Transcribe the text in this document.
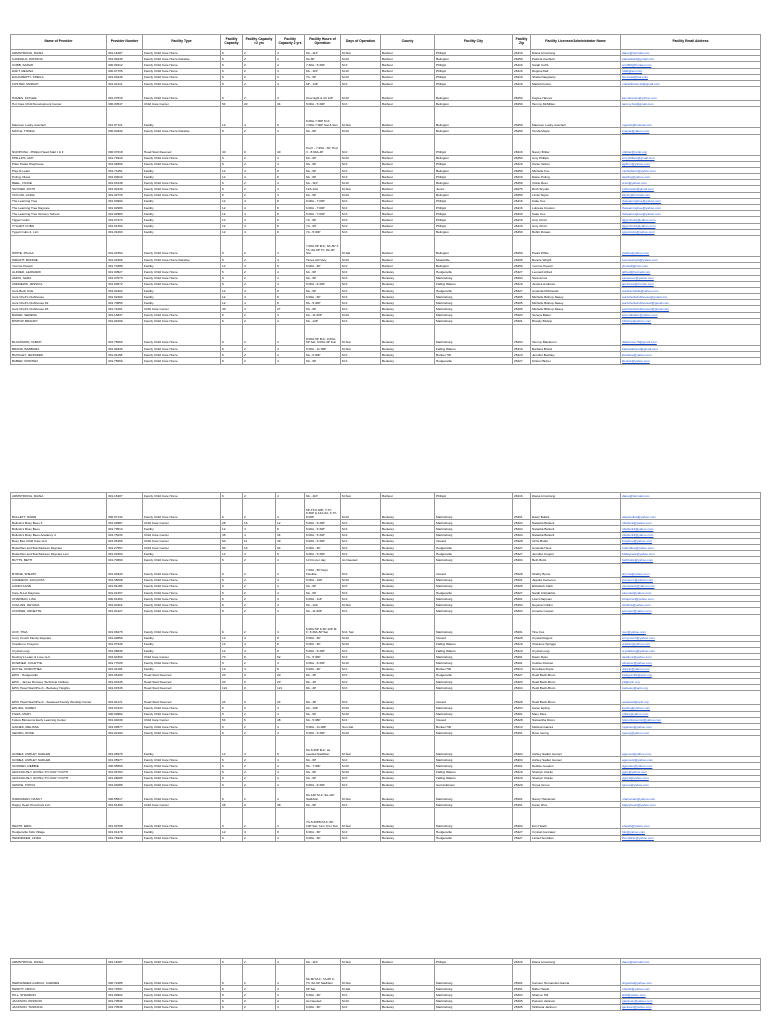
Name of Provider	Provider Number	Facility Type	Facility Capacity	Facility Capacity <2 yrs	Facility Capacity 2 yrs	Facility Hours of Operation	Days of Operation	County	Facility City	Facility Zip	Facility Licensee/Administrator Name	Facility Email Address
ARMSTRONG, DIANA	301.18187	Family Child Care Home	6	2	4	6A - 11P	M-Sun	Barbour	Philippi	26416	Diana Armstrong	diane@hotmail.com
CANFIELD, PATRICIA	301.09445	Family Child Care Home Relative	6	2	4	6A-6P	M-Fri	Barbour	Belington	26250	Patricia Canfield	patcanfield@gmail.com
COBB, SARAH	300.09412	Family Child Care Home	6	2	4	7:30A - 5:30P	M-F	Barbour	Philippi	26416	Sarah Cobb	sc1996@frontier.com
DAFT, REGINA	300.07705	Family Child Care Home	6	2	4	6A - 11P	M-Fri	Barbour	Philippi	26416	Regina Daft	rdaft@aol.com
DAUGHERTY, SHEILA	301.03246	Family Child Care Home	6	2	4	7A - 6P	M-Fri	Barbour	Philippi	26416	Sheila Daugherty	fan.head@aol.com
FOSTER, MARIAH	301.01211	Family Child Care Home	6	2	4	6P - 12P	M-F	Barbour	Philippi	26416	Mariah Foster	mariahfoster14@gmail.com
HAMES, KAYLEE	301.07516	Family Child Care Home	6	2	4	Overnight & 24 12P	M-Fri	Barbour	Belington	26250	Kaylee Hames	kaymhames@yahoo.com
Hot Care Child Development Center	300.00547	Child Care Center	54	20	34	6:00A - 5:30P	M-F	Barbour	Belington	26250	Tammy McMillen	tammy.hot@gmail.com
Maureen Lusky-Getchell	301.07721	Facility	12	4	8	6:00A-7:00P M-F; 7:00A-7:00P Sat & Sun	M-Sun	Barbour	Belington	26250	Maureen Lusky-Getchell	mgetch@hotmail.com
MAYLE, TONDA	300.00232	Family Child Care Home Relative	6	2	4	6A - 8P	M-Fri	Barbour	Belington	26250	Tonda Mayle	tmayle@yahoo.com
NCDP/USA - Philippi Head Start I & II	300.07018	Head Start Deemed	40	0	40	Pod I - 7:45A - 3P; Pod II - 8:00A-4P	M-F	Barbour	Philippi	26416	Nancy Britler	nbritler@ncdp.org
PHILLIPS, AMY	301.74519	Family Child Care Home	6	2	4	6A - 6P	M-Fri	Barbour	Belington	26250	Amy Phillips	amyphillips@gmail.com
Pitter Patter Playhouse	301.08390	Family Child Care Home	6	2	4	6A - 6P	M-F	Barbour	Philippi	26416	Karen Gillum	kgillum@yahoo.com
Play-N-Learn	301.73151	Facility	12	4	8	6A - 6P	M-F	Barbour	Belington	26250	Michelle Fox	michellefox@yahoo.com
Poling, Diane	301.00016	Facility	12	4	8	6A - 6P	M-F	Barbour	Philippi	26416	Diane Poling	dpoling@yahoo.com
REEL, VICKIE	301.03138	Family Child Care Home	6	2	4	6A - 11P	M-Fri	Barbour	Belington	26250	Vickie Reel	vreel@yahoo.com
SNYDER, RUTH	301.00139	Family Child Care Home	6	2	4	12A-12A	M-Sun	Barbour	Junior	26275	Ruth Snyder	ruthsnyder@gmail.com
TAYLOR, LINDA	301.02715	Family Child Care Home	6	2	4	6A - 6P	M-Fri	Barbour	Belington	26250	Linda Taylor	ltaylor@hotmail.com
The Learning Tree	301.03990	Facility	12	4	8	6:00A - 7:00P	M-F	Barbour	Philippi	26416	Katie Cox	thelearningtree@yahoo.com
The Learning Tree Daycare	301.02989	Facility	12	4	8	6:00A - 7:00P	M-F	Barbour	Philippi	26416	Lukresa Creston	thelearningtree@yahoo.com
The Learning Tree Nursery School	301.02983	Facility	12	4	8	6:00A - 7:00P	M-F	Barbour	Philippi	26416	Katie Cox	thelearningtree@yahoo.com
Tiggert Cubs	301.07373	Facility	12	4	8	7A - 6P	M-F	Barbour	Philippi	26416	Amy Orrell	tiggertcubs@yahoo.com
TYGART CUBS	301.01393	Facility	12	4	8	7A - 6P	M-F	Barbour	Philippi	26416	Amy Orrell	tiggertcubs@yahoo.com
Tygart Cubs 2, LLC	301.01093	Facility	12	4	8	7A - 5:30P	M-F	Barbour	Belington	26250	Bobbi Rowan	tygartcubs@yahoo.com
WHITE, PAULA	301.01554	Family Child Care Home	6	2	4	7:00A-5P M-F; 8A-5P T-Th; 8A-6P Th; 8A-3P Sat	M-Sat	Barbour	Belington	26250	Paula White	pwhite@yahoo.com
WRIGHT, BONNIE	301.02266	Family Child Care Home Relative	6	2	4	Times will Vary	M-Fri	Barbour	Moatsville	26405	Bonnie Wright	bonniewright@yahoo.com
Yvonne Howell	301.73388	Facility	12	4	8	6:00A - 6P	M-F	Barbour	Belington	26250	Yvonne Howell	yhowell@msn.com
ALFRED, LEONARD	301.00527	Family Child Care Home	6	2	4	6A - 6P	M-F	Berkeley	Hedgesville	25427	Leonard Alfred	lalfred@hotmail.com
AMOS, SARA	301.07673	Family Child Care Home	6	2	4	6A - 6P	M-F	Berkeley	Martinsburg	25404	Sara Amos	saraamos@yahoo.com
ANDREWS, JESSICA	301.00672	Family Child Care Home	6	2	4	6:00A - 6:30P	M-F	Berkeley	Falling Waters	25419	Jessica Andrews	jandrews@frontier.com
Aunt Bech Kids	301.02402	Facility	12	4	8	6A - 6P	M-F	Berkeley	Hedgesville	25427	Amanda McDonald	auntbechkids@yahoo.com
Aunt Chell's Clubhouse	301.02493	Facility	12	4	8	6:00A - 6P	M-F	Berkeley	Martinsburg	25405	Michelle Bishop-Nasey	auntchellsclubhouse@gmail.com
Aunt Chell's Clubhouse #2	301.70855	Facility	12	4	8	6A - 5:30P	M-F	Berkeley	Martinsburg	25405	Michelle Bishop-Nasey	auntchellsclubhouse2@gmail.com
Aunt Chell's Clubhouse #3	301.74401	Child Care Center	30	3	27	6A - 6P	M-F	Berkeley	Martinsburg	25405	Michelle Bishop-Nasey	auntchellsclubhouse3@gmail.com
BAKER, SERENA	301.16837	Family Child Care Home	6	2	4	6A - 11:30P	M-Fri	Berkeley	Martinsburg	25404	Serena Baker	serenabaker@yahoo.com
BISHOP, BRANDY	301.09199	Family Child Care Home	6	2	4	6A - 12P	M-F	Berkeley	Martinsburg	25401	Brandy Bishop	bbishop@yahoo.com
BLACKMON, TAMMY	301.75660	Family Child Care Home	6	2	4	8:00A-5P M-F; 9:00A-5P Sat; 9:00A-3P Sun	M-Sun	Berkeley	Martinsburg	25404	Tammy Blackmon	tblackmon76@gmail.com
BRAND, BARBARA	301.99436	Family Child Care Home	6	2	4	6:00A - 11:30P	M-Sun	Berkeley	Falling Waters	25419	Barbara Brand	barbarabrand@gmail.com
BUCKLEY, JENNIFER	301.01158	Family Child Care Home	6	2	4	6A - 6:00P	M-F	Berkeley	Bunker Hill	25413	Jennifer Buckley	jbuckley@yahoo.com
BUBER, KRISTEN	301.75660	Family Child Care Home	6	2	4	6A - 6P	M-F	Berkeley	Hedgesville	25427	Kristen Buber	kbuber@yahoo.com
ARMSTRONG, DIANA	301.18187	Family Child Care Home	6	2	4	6A - 11P	M-Sun	Barbour	Philippi	26416	Diana Armstrong	diane@hotmail.com
BULLETT, DAWN	300.07132	Family Child Care Home	6	2	4	6P-T6 6:30P; T-Th 5:30P & 12A-6A; F-Th 8:00P	M-Fri	Berkeley	Martinsburg	25401	Dawn Bullett	dawnbullett@yahoo.com
Bullock's Busy Bees 3	301.09987	Child Care Center	28	16	12	6:00A - 5:30P	M-F	Berkeley	Martinsburg	25404	Natasha Bullock	nbullock@yahoo.com
Bullock's Busy Bees	301.79513	Facility	12	4	8	6:00A - 5:30P	M-F	Berkeley	Martinsburg	25404	Natasha Bullock	nbullock2@yahoo.com
Bullock's Busy Bees Academy 2	301.75233	Child Care Center	38	4	34	6:00A - 5:30P	M-F	Berkeley	Martinsburg	25404	Natasha Bullock	nbullock3@yahoo.com
Busy Bee Child Care LLC	301.05156	Child Care Center	60	11	49	6:00A - 6:30P	M-F	Berkeley	Inwood	25428	Chris Butler	busybee@yahoo.com
Butterflies and Bumblebees Daycare	301.27557	Child Care Center	80	16	64	6:00A - 6P	M-F	Berkeley	Hedgesville	25427	Amanda Hess	butterflies@yahoo.com
Butterflies and Bumblebees Daycare LLC	301.01593	Facility	12	4	8	6:00A - 5:30P	M-F	Berkeley	Hedgesville	25427	Jennifer Cooper	bbdaycare@yahoo.com
BUTTS, BETH	301.70660	Family Child Care Home	6	2	4	10 hrs per day	As Needed	Berkeley	Martinsburg	25404	Beth Butts	bethbutts@yahoo.com
BYRNE, SHELBY	301.04930	Family Child Care Home	6	2	4	7:00A - 5P Dept Flexible	M-F	Berkeley	Inwood	25428	Shelby Byrne	sbyrne@yahoo.com
CAMERON, JACQUITA	301.35098	Family Child Care Home	6	2	4	6:00A - 10P	M-Fri	Berkeley	Martinsburg	25401	Jaquita Cameron	jcameron@yahoo.com
CANDYLAND	301.81169	Family Child Care Home	6	2	4	6A - 6P	M-F	Berkeley	Martinsburg	25405	Elizabeth Clark	candyland@yahoo.com
Care-N-Let Daycare	301.01307	Family Child Care Home	6	2	4	6A - 6P	M-F	Berkeley	Hedgesville	25427	Sarah Fitzpatrick	carenlet@yahoo.com
CHAPMAN, LISA	300.01384	Family Child Care Home	6	2	4	6:00A - 11P	M-F	Berkeley	Martinsburg	25401	Lisa Chapman	lchapman@yahoo.com
COLLINS, DEYANA	301.00119	Family Child Care Home	6	2	4	6A - 12A	M-Sun	Berkeley	Martinsburg	25404	Deyana Collins	dcollins@yahoo.com
COOPER, ANNETTE	301.04127	Family Child Care Home	6	2	4	6A - 11:30P	M-F	Berkeley	Martinsburg	25404	Annette Cooper	acooper@yahoo.com
COX, TINA	301.06276	Family Child Care Home	6	2	4	6:00A-5P & 6P-12P M-F; 6:30A-5P Sat	M-F, Sat	Berkeley	Martinsburg	25401	Tina Cox	tcox@yahoo.com
Cozy Couch Family Daycare	301.02859	Facility	12	4	8	6:00A - 6P	M-Fri	Berkeley	Inwood	25428	Crystal Rogers	cozycouch@yahoo.com
Cradles to Crayons	301.07945	Facility	12	4	8	6:00A - 6P	M-Fri	Berkeley	Falling Waters	25419	Charlene Spriggs	cradles@yahoo.com
Crystal Long	301.08636	Facility	12	4	8	6:00A - 5:30P	M-F	Berkeley	Falling Waters	25419	Crystal Long	crystallong@yahoo.com
Destiny's Learn & Love LLC	301.04393	Child Care Center	70	8	62	7A - 5:30P	M-F	Berkeley	Martinsburg	25401	Dawn Ryan	destinys@yahoo.com
DOWNER, COLETTE	301.77005	Family Child Care Home	6	2	4	6:00A - 6:30P	M-Fri	Berkeley	Martinsburg	25401	Colette Downer	cdowner@yahoo.com
DOYLE, DOROTHEA	301.01193	Facility	12	4	8	6:00A - 6P	M-F	Berkeley	Bunker Hill	25413	Dorothea Doyle	ddoyle@yahoo.com
EPIC - Hedgesville	301.05199	Head Start Deemed	20	0	20	8A - 4P	M-F	Berkeley	Hedgesville	25427	Heidi Bach-Brom	hedgesville@epic.org
EPIC - James Rumsey Technical Institute	301.00135	Head Start Deemed	20	0	20	8A - 4P	M-F	Berkeley	Martinsburg	25403	Heidi Bach-Brom	jrti@epic.org
EPIC Head Start/Pre-K - Berkeley Heights	301.01536	Head Start Deemed	121	0	121	8A - 4P	M-F	Berkeley	Martinsburg	25404	Heidi Bach-Brom	berkeley@epic.org
EPIC Head Start/Pre-K - Seaweed Family Worship Center	301.04171	Head Start Deemed	24	0	24	8A - 4P	M-F	Berkeley	Inwood	25428	Heidi Bach-Brom	seaweed@epic.org
EPLING, KAREN	301.03134	Family Child Care Home	6	2	4	6A - 10P	M-Fri	Berkeley	Martinsburg	25404	Karen Epling	kepling@yahoo.com
FILES, MARY	300.09982	Family Child Care Home	6	2	4	6A - 6P	M-Fri	Berkeley	Martinsburg	25401	Mary Files	mfiles@yahoo.com
Future Blossoms Early Learning Center	301.04039	Child Care Center	54	6	48	6A - 5:45P	M-F	Berkeley	Inwood	25428	Samantha Dixon	futureblossoms@yahoo.com
GAINES, MELISSA	301.09577	Family Child Care Home	6	2	4	6:00A - 11:00P	Sun-Sat	Berkeley	Bunker Hill	25413	Melissa Gaines	mgaines@yahoo.com
GEORG, ROSE	301.02193	Family Child Care Home	6	2	4	6:00A - 6:30P	M-Fri	Berkeley	Martinsburg	25401	Rose Georg	rgeorg@yahoo.com
GOMEZ, ASHLEY SADLER	301.05975	Facility	12	4	8	6A-6:30P M-F; as needed Sat&Sun	M-Sun	Berkeley	Martinsburg	25404	Ashley Sadler Gomez	agomez@yahoo.com
GOMEZ, ASHLEY SADLER	301.05977	Family Child Care Home	6	2	4	6A - 6P	M-F	Berkeley	Martinsburg	25404	Ashley Sadler Gomez	agomez2@yahoo.com
GOODEN, DEBBIE	300.95560	Family Child Care Home	6	2	4	6A - 7:30P	M-Fri	Berkeley	Martinsburg	25401	Debbie Gooden	dgooden@yahoo.com
GRACIOUSLY GIVING TO OUR YOUTH	301.06784	Family Child Care Home	6	2	4	6A - 6P	M-Fri	Berkeley	Falling Waters	25419	Sherilyn Clarke	ggoy@yahoo.com
GRACIOUSLY GIVING TO OUR YOUTH	301.06095	Family Child Care Home	6	2	4	6A - 6P	M-F	Berkeley	Falling Waters	25419	Sherilyn Clarke	ggoy2@yahoo.com
GROVE, TONYA	301.04085	Family Child Care Home	6	2	4	6:00A - 6:30P	M-F	Berkeley	Gerrardstown	25420	Tonya Grove	tgrove@yahoo.com
HARRAMAN, NANCY	300.55617	Family Child Care Home	6	2	4	6A-12P M-F; 9A-11P Sat&Sun	M-Sun	Berkeley	Martinsburg	25401	Nancy Harraman	nharraman@yahoo.com
Happy Heart Preschool LLC	301.51309	Child Care Center	38	0	38	6A - 6P	M-F	Berkeley	Martinsburg	25401	Karen Rice	happyheart@yahoo.com
HEATH, ERIN	301.00708	Family Child Care Home	6	2	4	7A-5:30PM M-F; 8P-10P Sat; 7am-7pm Sun	M-Sun	Berkeley	Martinsburg	25404	Erin Heath	eheath@yahoo.com
Hedgesville Kids Village	301.01278	Facility	12	4	8	6:00A - 6P	M-F	Berkeley	Hedgesville	25427	Crystal Gonzalez	hkv@yahoo.com
HENDRIKER, LINDA	301.78439	Family Child Care Home	6	2	4	6:00A - 6P	M-F	Berkeley	Hedgesville	25427	Linda Hendriker	lhendriker@yahoo.com
ARMSTRONG, DIANA	301.18187	Family Child Care Home	6	2	4	6A - 11P	M-Sun	Barbour	Philippi	26416	Diana Armstrong	diane@hotmail.com
HERNANDEZ-GARCIA, CARMEN	300.72285	Family Child Care Home	6	2	4	6A-6P M-F; 7A-6P F-Th; 6A-9P Sat&Sun	M-Sun	Berkeley	Martinsburg	25401	Carmen Hernandez-Garcia	chgarcia@yahoo.com
HEWITT, NIKKO	301.74597	Family Child Care Home	6	2	4	6P Sat	M-Sat	Berkeley	Martinsburg	25401	Nikko Hewitt	nhewitt@yahoo.com
HILL, SHARRON	301.09902	Family Child Care Home	6	2	4	6:00A - 6P	M-F	Berkeley	Martinsburg	25404	Sharron Hill	shill@yahoo.com
JACKSON, PASSION	301.70536	Family Child Care Home	6	2	4	As Needed	M-Fri	Berkeley	Martinsburg	25405	Passion Jackson	pjackson@yahoo.com
JACKSON, TASHANA	301.70546	Family Child Care Home	6	2	4	6:00A - 6P	M-F	Berkeley	Martinsburg	25405	TaShana Jackson	tjackson@yahoo.com
